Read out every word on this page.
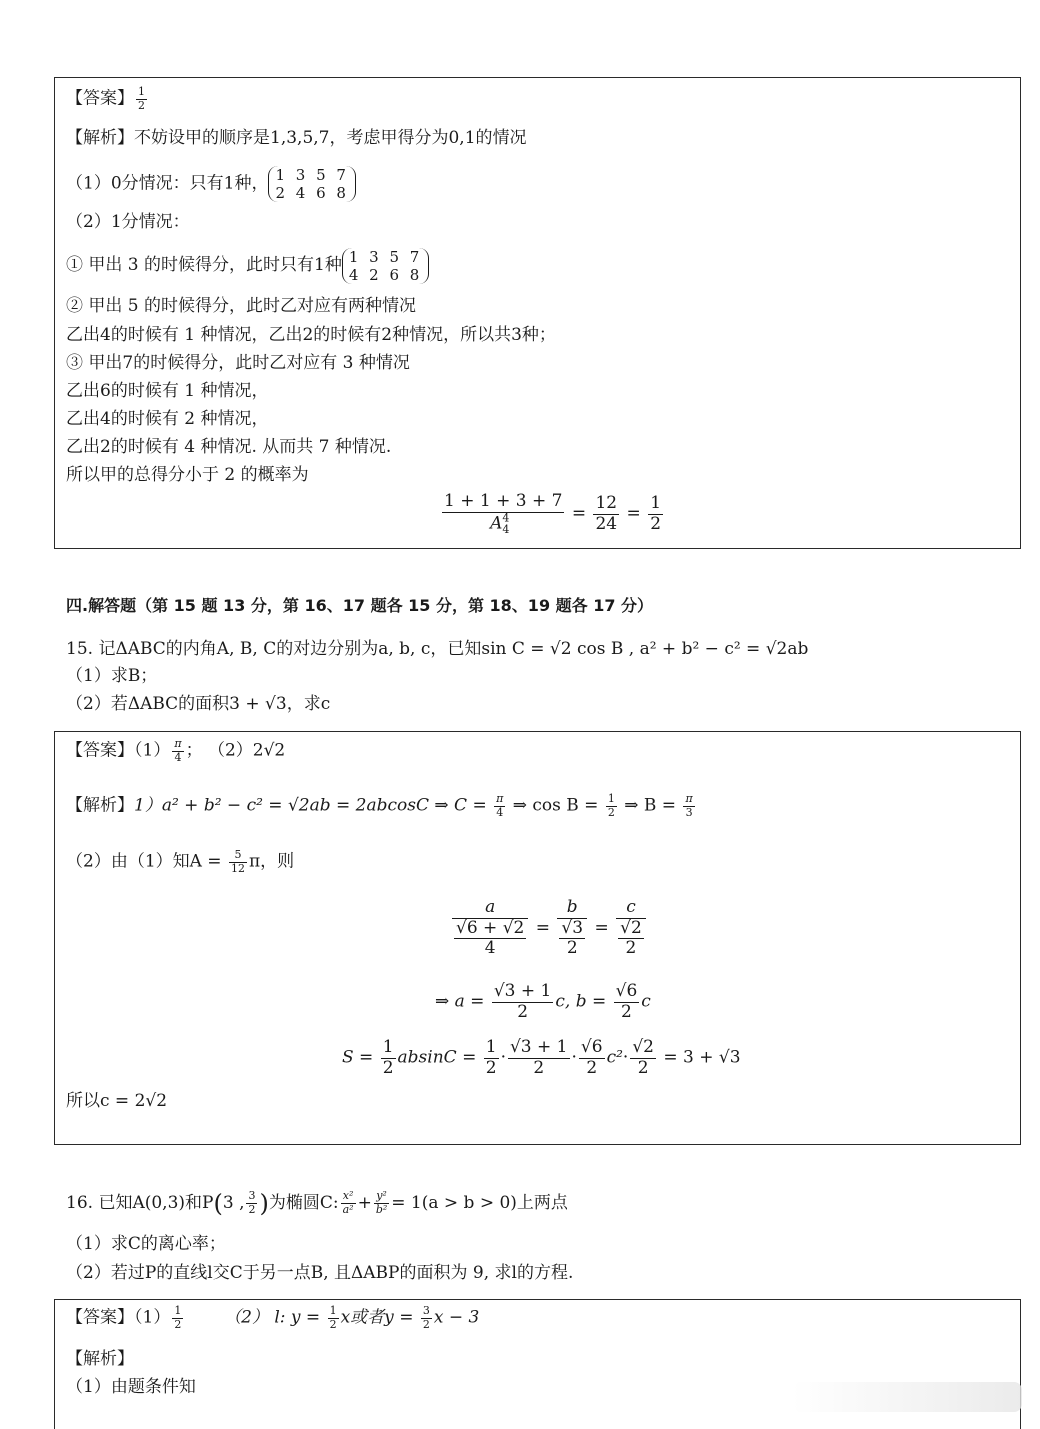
【答案】 $\frac{1}{2}$
【解析】不妨设甲的顺序是1,3,5,7，考虑甲得分为0,1的情况
（1）0分情况：只有1种， 1 3 5 7
2 4 6 8
（2）1分情况：
① 甲出 3 的时候得分，此时只有1种 1 3 5 7
4 2 6 8
② 甲出 5 的时候得分，此时乙对应有两种情况
乙出4的时候有 1 种情况，乙出2的时候有2种情况，所以共3种；
③ 甲出7的时候得分，此时乙对应有 3 种情况
乙出6的时候有 1 种情况，
乙出4的时候有 2 种情况，
乙出2的时候有 4 种情况. 从而共 7 种情况.
所以甲的总得分小于 2 的概率为
$\frac{1 + 1 + 3 + 7}{A^4_4} = \frac{12}{24} = \frac{1}{2}$
四.解答题（第 15 题 13 分，第 16、17 题各 15 分，第 18、19 题各 17 分）
15. 记ΔABC的内角A, B, C的对边分别为a, b, c，已知sin C = √2 cos B , a² + b² − c² = √2ab
（1）求B；
（2）若ΔABC的面积3 + √3，求c
【答案】$(1) \frac{\pi}{4}$ ； （2）2√2
【解析】1）a² + b² − c² = √2ab = 2abcosC ⇒ $C = \frac{\pi}{4}$ ⇒ $\cos B = \frac{1}{2}$ ⇒ $B = \frac{\pi}{3}$
（2）由（1）知$A = \frac{5}{12}$ π，则
$\frac{a}{\frac{√6 + √2}{4}} = \frac{b}{\frac{√3}{2}} = \frac{c}{\frac{√2}{2}}$
⇒ $a = \frac{√3 + 1}{2} c$, $b = \frac{√6}{2}$ c
$S = \frac{1}{2}$ $absinC = \frac{1}{2} \cdot \frac{√3 + 1}{2} \cdot \frac{√6}{2} c^2\cdot \frac{√2}{2} = 3 + √3$
所以c = 2√2
16. 已知A(0,3)和P(3 , $\frac{3}{2}$ )为椭圆C: $\frac{\text{x²}}{\text{a²}} + \frac{\text{y²}}{\text{b²}} = 1(a > b > 0)$上两点
（1）求C的离心率；
（2）若过P的直线l交C于另一点B, 且ΔABP的面积为 9, 求l的方程.
【答案】$(1) \frac{1}{2} (2)$ l: $y = \frac{1}{2}$ x或者$y = \frac{3}{2}$ x − 3
【解析】
（1）由题条件知
